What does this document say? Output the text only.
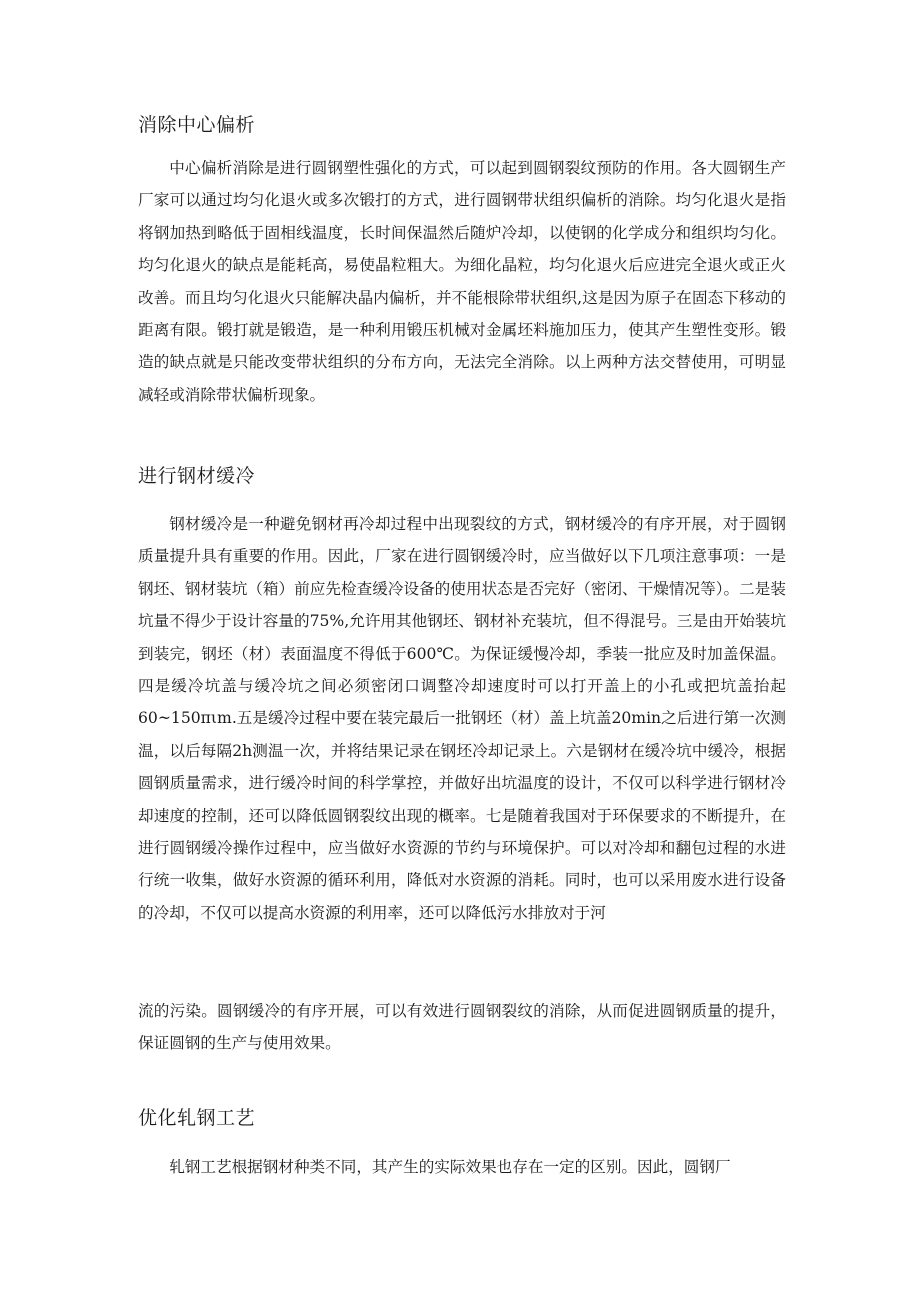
消除中心偏析

中心偏析消除是进行圆钢塑性强化的方式，可以起到圆钢裂纹预防的作用。各大圆钢生产厂家可以通过均匀化退火或多次锻打的方式，进行圆钢带状组织偏析的消除。均匀化退火是指将钢加热到略低于固相线温度，长时间保温然后随炉冷却，以使钢的化学成分和组织均匀化。均匀化退火的缺点是能耗高，易使晶粒粗大。为细化晶粒，均匀化退火后应进完全退火或正火改善。而且均匀化退火只能解决晶内偏析，并不能根除带状组织,这是因为原子在固态下移动的距离有限。锻打就是锻造，是一种利用锻压机械对金属坯料施加压力，使其产生塑性变形。锻造的缺点就是只能改变带状组织的分布方向，无法完全消除。以上两种方法交替使用，可明显减轻或消除带状偏析现象。

进行钢材缓冷

钢材缓冷是一种避免钢材再冷却过程中出现裂纹的方式，钢材缓冷的有序开展，对于圆钢质量提升具有重要的作用。因此，厂家在进行圆钢缓冷时，应当做好以下几项注意事项：一是钢坯、钢材装坑（箱）前应先检查缓冷设备的使用状态是否完好（密闭、干燥情况等）。二是装坑量不得少于设计容量的75%,允许用其他钢坯、钢材补充装坑，但不得混号。三是由开始装坑到装完，钢坯（材）表面温度不得低于600℃。为保证缓慢冷却，季装一批应及时加盖保温。四是缓冷坑盖与缓冷坑之间必须密闭口调整冷却速度时可以打开盖上的小孔或把坑盖抬起60~150πιm.五是缓冷过程中要在装完最后一批钢坯（材）盖上坑盖20min之后进行第一次测温，以后每隔2h测温一次，并将结果记录在钢坯冷却记录上。六是钢材在缓冷坑中缓冷，根据圆钢质量需求，进行缓冷时间的科学掌控，并做好出坑温度的设计，不仅可以科学进行钢材冷却速度的控制，还可以降低圆钢裂纹出现的概率。七是随着我国对于环保要求的不断提升，在进行圆钢缓冷操作过程中，应当做好水资源的节约与环境保护。可以对冷却和翻包过程的水进行统一收集，做好水资源的循环利用，降低对水资源的消耗。同时，也可以采用废水进行设备的冷却，不仅可以提高水资源的利用率，还可以降低污水排放对于河

流的污染。圆钢缓冷的有序开展，可以有效进行圆钢裂纹的消除，从而促进圆钢质量的提升，保证圆钢的生产与使用效果。

优化轧钢工艺

轧钢工艺根据钢材种类不同，其产生的实际效果也存在一定的区别。因此，圆钢厂
